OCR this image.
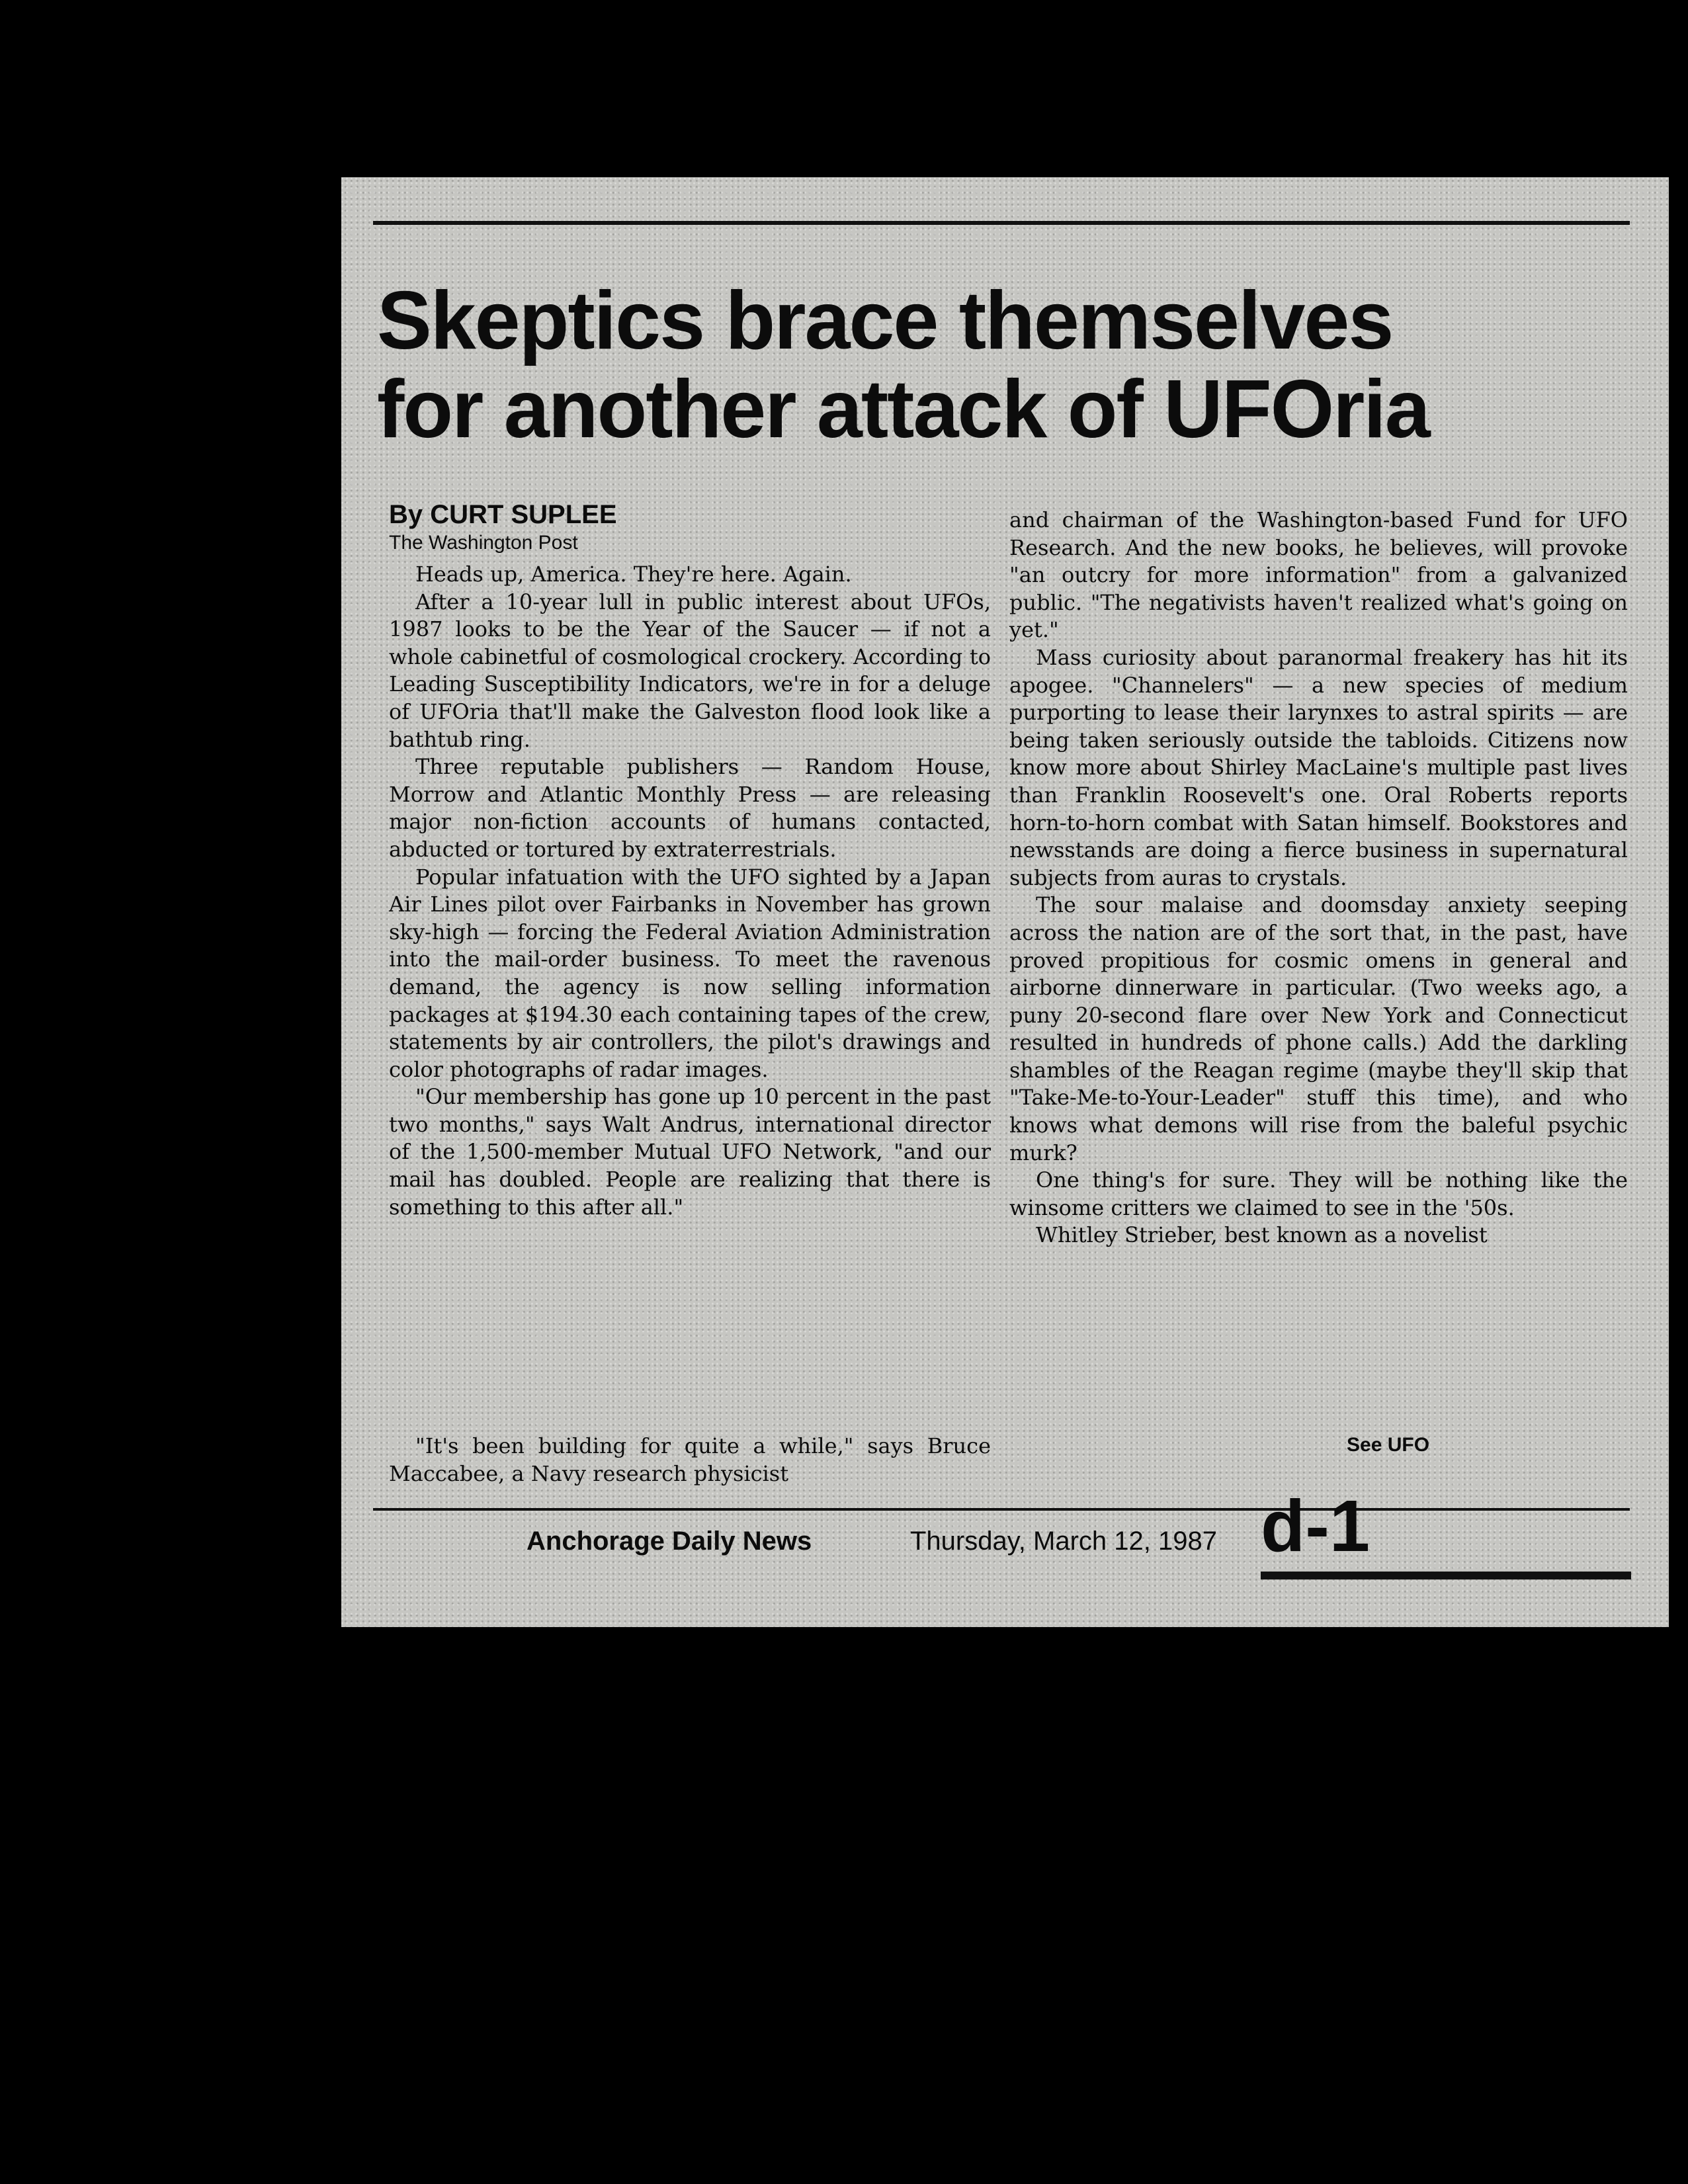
Skeptics brace themselves
for another attack of UFOria
By CURT SUPLEE
The Washington Post

Heads up, America. They're here. Again.

After a 10-year lull in public interest about UFOs, 1987 looks to be the Year of the Saucer — if not a whole cabinetful of cosmological crockery. According to Leading Susceptibility Indicators, we're in for a deluge of UFOria that'll make the Galveston flood look like a bathtub ring.

Three reputable publishers — Random House, Morrow and Atlantic Monthly Press — are releasing major non-fiction accounts of humans contacted, abducted or tortured by extraterrestrials.

Popular infatuation with the UFO sighted by a Japan Air Lines pilot over Fairbanks in November has grown sky-high — forcing the Federal Aviation Administration into the mail-order business. To meet the ravenous demand, the agency is now selling information packages at $194.30 each containing tapes of the crew, statements by air controllers, the pilot's drawings and color photographs of radar images.

"Our membership has gone up 10 percent in the past two months," says Walt Andrus, international director of the 1,500-member Mutual UFO Network, "and our mail has doubled. People are realizing that there is something to this after all."

"It's been building for quite a while," says Bruce Maccabee, a Navy research physicist

and chairman of the Washington-based Fund for UFO Research. And the new books, he believes, will provoke "an outcry for more information" from a galvanized public. "The negativists haven't realized what's going on yet."

Mass curiosity about paranormal freakery has hit its apogee. "Channelers" — a new species of medium purporting to lease their larynxes to astral spirits — are being taken seriously outside the tabloids. Citizens now know more about Shirley MacLaine's multiple past lives than Franklin Roosevelt's one. Oral Roberts reports horn-to-horn combat with Satan himself. Bookstores and newsstands are doing a fierce business in supernatural subjects from auras to crystals.

The sour malaise and doomsday anxiety seeping across the nation are of the sort that, in the past, have proved propitious for cosmic omens in general and airborne dinnerware in particular. (Two weeks ago, a puny 20-second flare over New York and Connecticut resulted in hundreds of phone calls.) Add the darkling shambles of the Reagan regime (maybe they'll skip that "Take-Me-to-Your-Leader" stuff this time), and who knows what demons will rise from the baleful psychic murk?

One thing's for sure. They will be nothing like the winsome critters we claimed to see in the '50s.

Whitley Strieber, best known as a novelist

See UFO
Anchorage Daily News	Thursday, March 12, 1987 d-1
